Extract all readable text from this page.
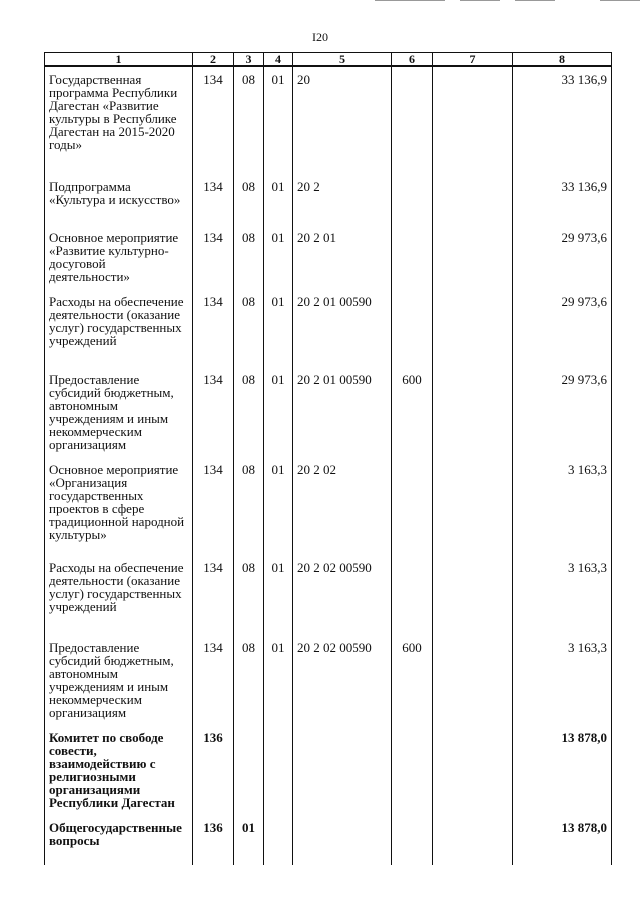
I20
1	2	3	4	5	6	7	8
Государственная программа Республики Дагестан «Развитие культуры в Республике Дагестан на 2015-2020 годы»	134	08	01	20			33 136,9
Подпрограмма «Культура и искусство»	134	08	01	20 2			33 136,9
Основное мероприятие «Развитие культурно-досуговой деятельности»	134	08	01	20 2 01			29 973,6
Расходы на обеспечение деятельности (оказание услуг) государственных учреждений	134	08	01	20 2 01 00590			29 973,6
Предоставление субсидий бюджетным, автономным учреждениям и иным некоммерческим организациям	134	08	01	20 2 01 00590	600		29 973,6
Основное мероприятие «Организация государственных проектов в сфере традиционной народной культуры»	134	08	01	20 2 02			3 163,3
Расходы на обеспечение деятельности (оказание услуг) государственных учреждений	134	08	01	20 2 02 00590			3 163,3
Предоставление субсидий бюджетным, автономным учреждениям и иным некоммерческим организациям	134	08	01	20 2 02 00590	600		3 163,3
Комитет по свободе совести, взаимодействию с религиозными организациями Республики Дагестан	136						13 878,0
Общегосударственные вопросы	136	01					13 878,0
